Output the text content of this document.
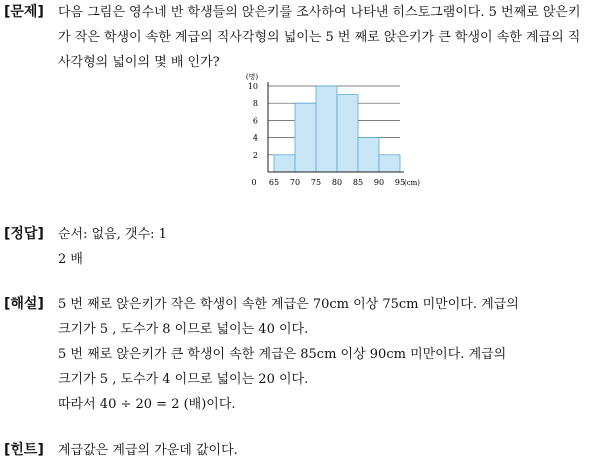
[문제] 다음 그림은 영수네 반 학생들의 앉은키를 조사하여 나타낸 히스토그램이다. 5 번째로 앉은키가 작은 학생이 속한 계급의 직사각형의 넓이는 5 번 째로 앉은키가 큰 학생이 속한 계급의 직사각형의 넓이의 몇 배 인가?

2
4
6
8
10
0 65 70 75 80 85 90 95
(명)
(cm)
[정답] 순서: 없음, 갯수: 1

2 배

[해설] 5 번 째로 앉은키가 작은 학생이 속한 계급은 70cm 이상 75cm 미만이다. 계급의

크기가 5 , 도수가 8 이므로 넓이는 40 이다.

5 번 째로 앉은키가 큰 학생이 속한 계급은 85cm 이상 90cm 미만이다. 계급의

크기가 5 , 도수가 4 이므로 넓이는 20 이다.

따라서 40 ÷ 20 = 2 (배)이다.

[힌트] 계급값은 계급의 가운데 값이다.
